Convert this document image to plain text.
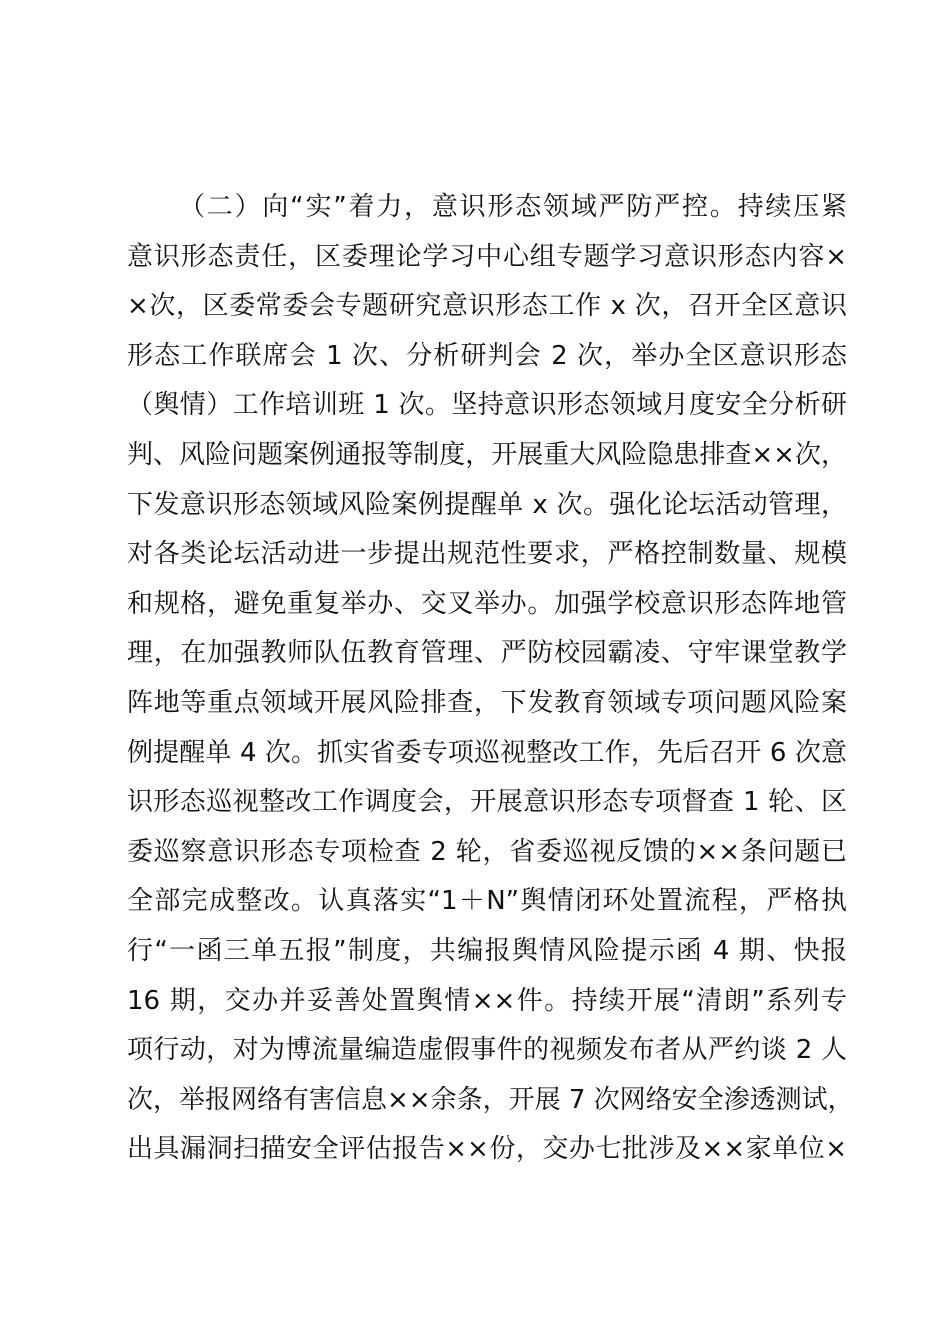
（二）向“实”着力，意识形态领域严防严控。持续压紧
意识形态责任，区委理论学习中心组专题学习意识形态内容×
×次，区委常委会专题研究意识形态工作 x 次，召开全区意识
形态工作联席会 1 次、分析研判会 2 次，举办全区意识形态
（舆情）工作培训班 1 次。坚持意识形态领域月度安全分析研
判、风险问题案例通报等制度，开展重大风险隐患排查××次，
下发意识形态领域风险案例提醒单 x 次。强化论坛活动管理，
对各类论坛活动进一步提出规范性要求，严格控制数量、规模
和规格，避免重复举办、交叉举办。加强学校意识形态阵地管
理，在加强教师队伍教育管理、严防校园霸凌、守牢课堂教学
阵地等重点领域开展风险排查，下发教育领域专项问题风险案
例提醒单 4 次。抓实省委专项巡视整改工作，先后召开 6 次意
识形态巡视整改工作调度会，开展意识形态专项督查 1 轮、区
委巡察意识形态专项检查 2 轮，省委巡视反馈的××条问题已
全部完成整改。认真落实“1＋N”舆情闭环处置流程，严格执
行“一函三单五报”制度，共编报舆情风险提示函 4 期、快报
16 期，交办并妥善处置舆情××件。持续开展“清朗”系列专
项行动，对为博流量编造虚假事件的视频发布者从严约谈 2 人
次，举报网络有害信息××余条，开展 7 次网络安全渗透测试，
出具漏洞扫描安全评估报告××份，交办七批涉及××家单位×
